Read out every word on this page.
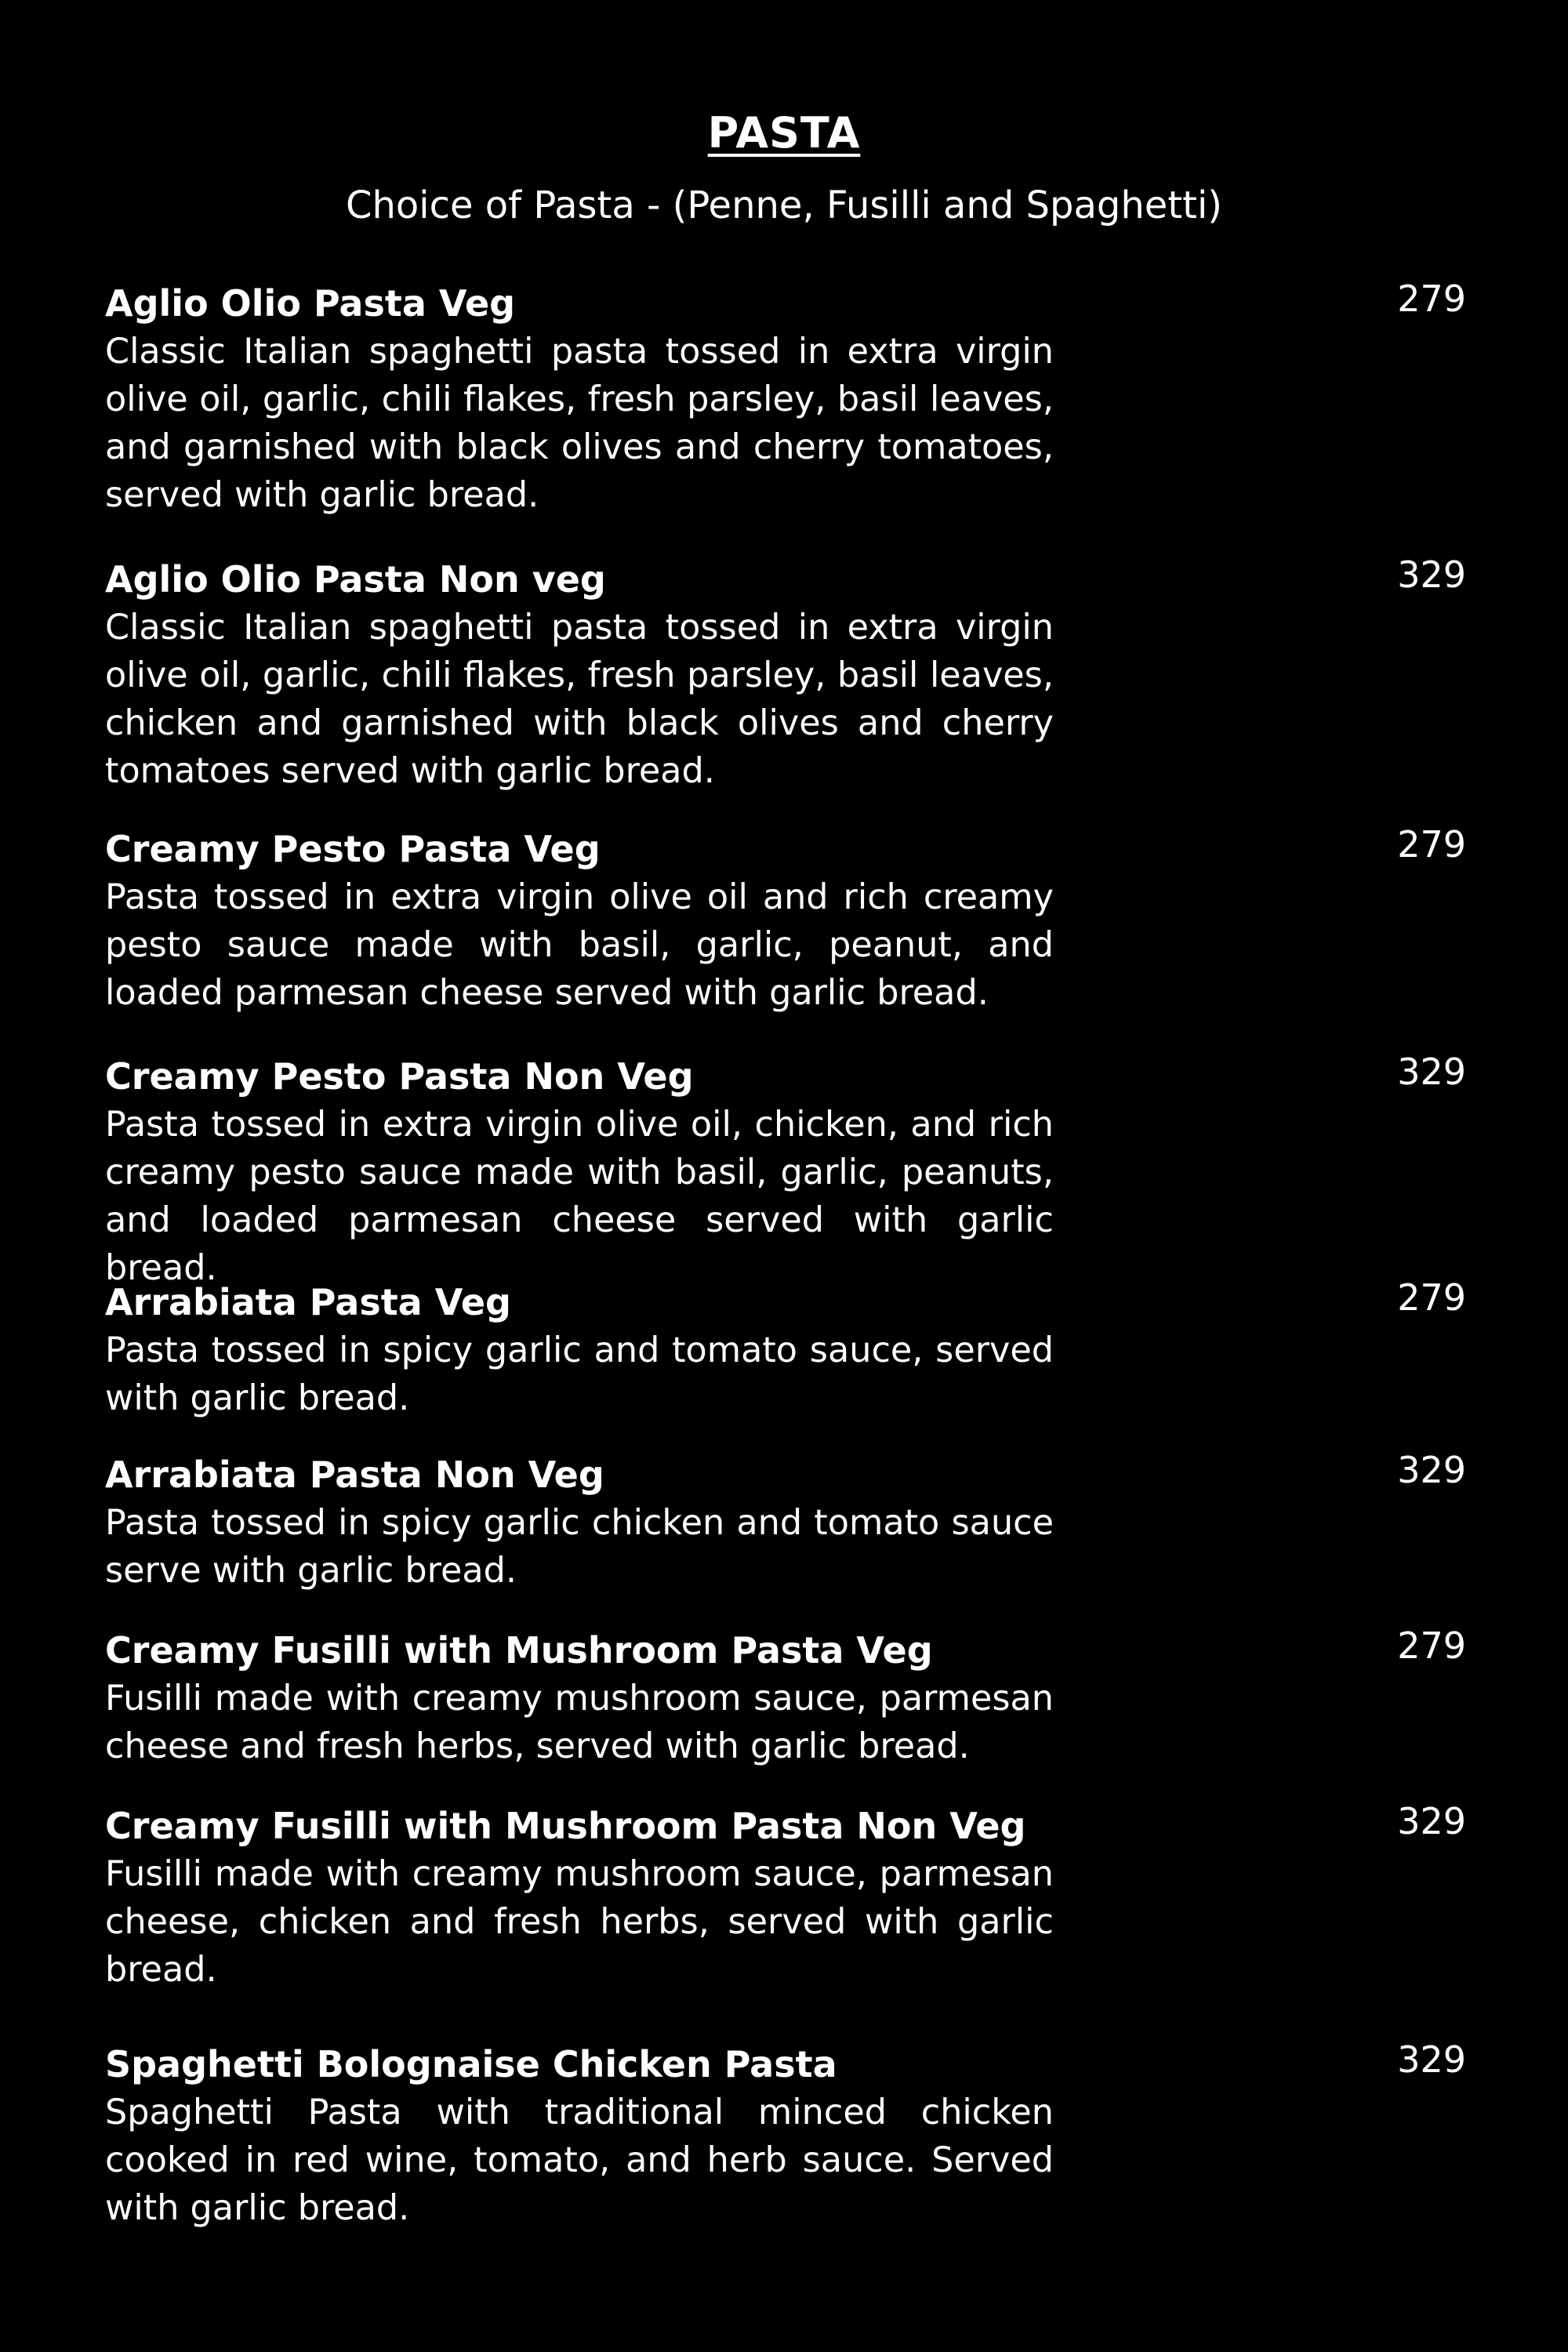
PASTA
Choice of Pasta - (Penne, Fusilli and Spaghetti)
Aglio Olio Pasta Veg	279
Classic Italian spaghetti pasta tossed in extra virgin olive oil, garlic, chili flakes, fresh parsley, basil leaves, and garnished with black olives and cherry tomatoes, served with garlic bread.
Aglio Olio Pasta Non veg	329
Classic Italian spaghetti pasta tossed in extra virgin olive oil, garlic, chili flakes, fresh parsley, basil leaves, chicken and garnished with black olives and cherry tomatoes served with garlic bread.
Creamy Pesto Pasta Veg	279
Pasta tossed in extra virgin olive oil and rich creamy pesto sauce made with basil, garlic, peanut, and loaded parmesan cheese served with garlic bread.
Creamy Pesto Pasta Non Veg	329
Pasta tossed in extra virgin olive oil, chicken, and rich creamy pesto sauce made with basil, garlic, peanuts, and loaded parmesan cheese served with garlic bread.
Arrabiata Pasta Veg	279
Pasta tossed in spicy garlic and tomato sauce, served with garlic bread.
Arrabiata Pasta Non Veg	329
Pasta tossed in spicy garlic chicken and tomato sauce serve with garlic bread.
Creamy Fusilli with Mushroom Pasta Veg	279
Fusilli made with creamy mushroom sauce, parmesan cheese and fresh herbs, served with garlic bread.
Creamy Fusilli with Mushroom Pasta Non Veg	329
Fusilli made with creamy mushroom sauce, parmesan cheese, chicken and fresh herbs, served with garlic bread.
Spaghetti Bolognaise Chicken Pasta	329
Spaghetti Pasta with traditional minced chicken cooked in red wine, tomato, and herb sauce. Served with garlic bread.
